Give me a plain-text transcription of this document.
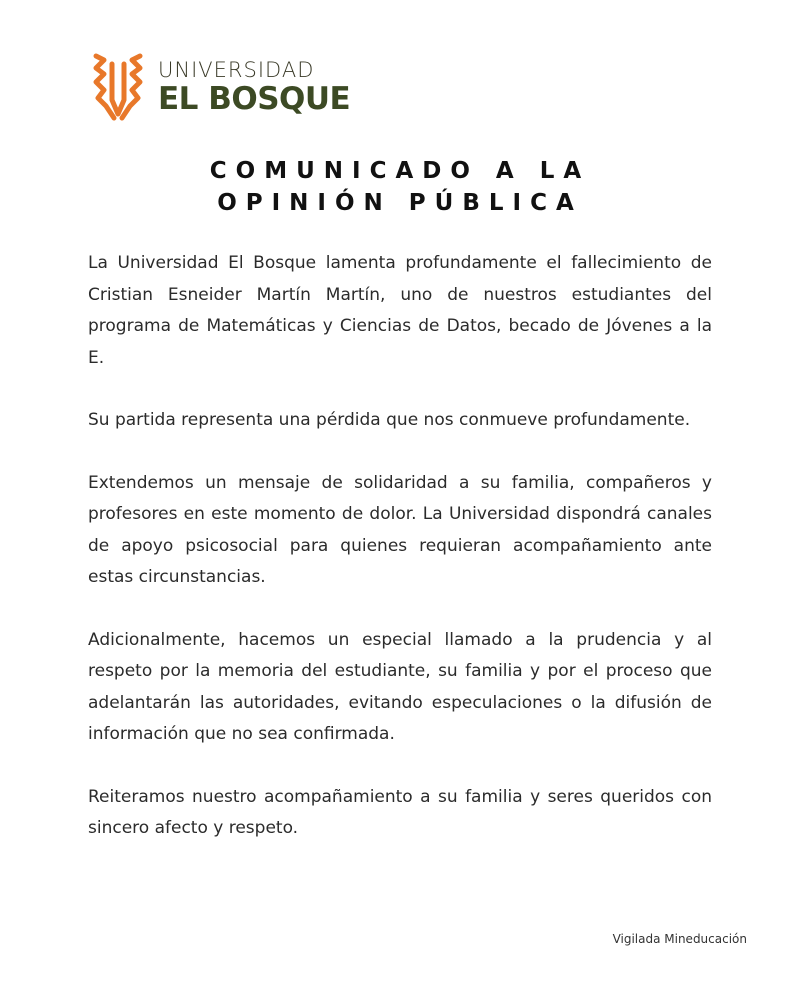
UNIVERSIDAD
EL BOSQUE
COMUNICADO A LA
OPINIÓN PÚBLICA

La Universidad El Bosque lamenta profundamente el fallecimiento de Cristian Esneider Martín Martín, uno de nuestros estudiantes del programa de Matemáticas y Ciencias de Datos, becado de Jóvenes a la E.

Su partida representa una pérdida que nos conmueve profundamente.

Extendemos un mensaje de solidaridad a su familia, compañeros y profesores en este momento de dolor. La Universidad dispondrá canales de apoyo psicosocial para quienes requieran acompañamiento ante estas circunstancias.

Adicionalmente, hacemos un especial llamado a la prudencia y al respeto por la memoria del estudiante, su familia y por el proceso que adelantarán las autoridades, evitando especulaciones o la difusión de información que no sea confirmada.

Reiteramos nuestro acompañamiento a su familia y seres queridos con sincero afecto y respeto.

Vigilada Mineducación
